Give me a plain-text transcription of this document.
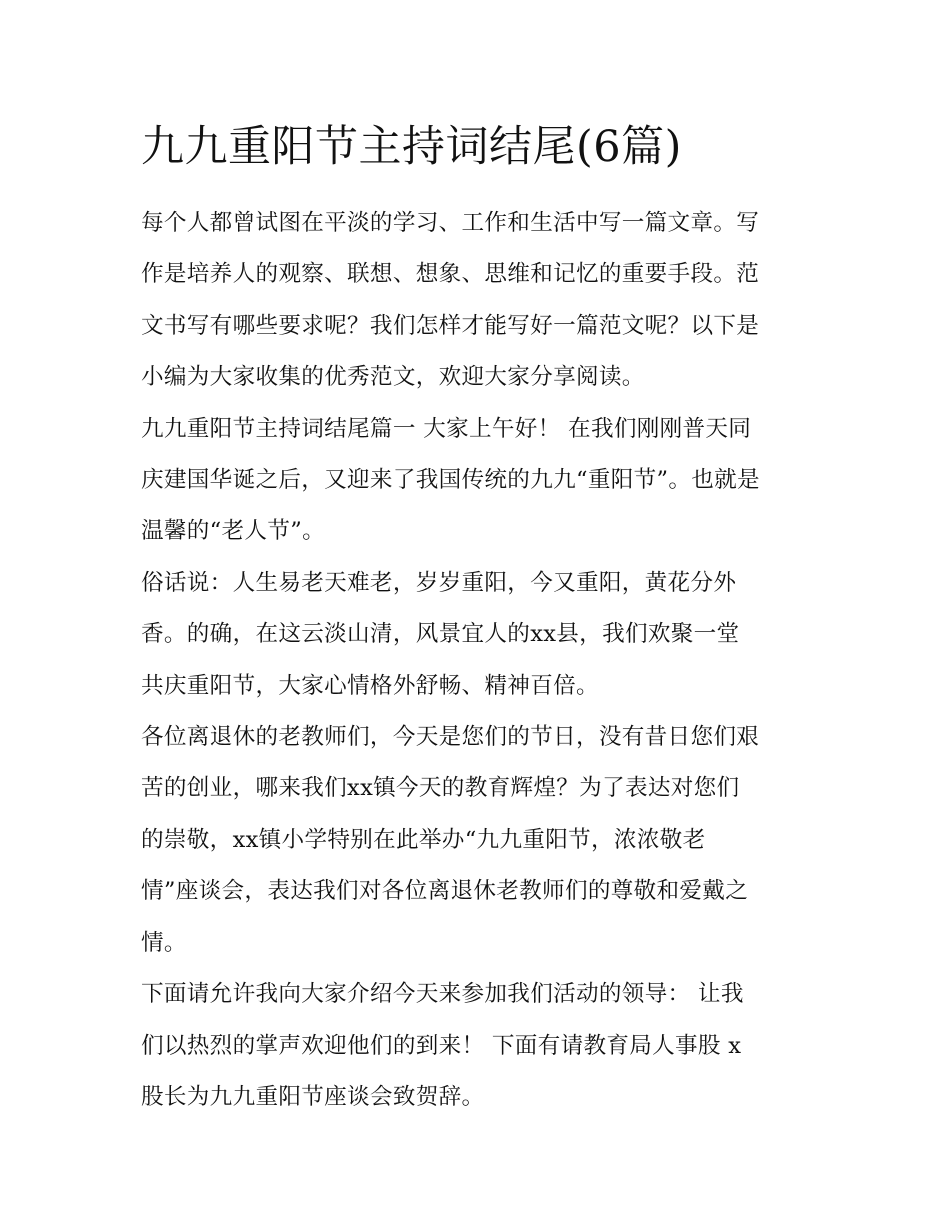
九九重阳节主持词结尾(6篇)

每个人都曾试图在平淡的学习、工作和生活中写一篇文章。写
作是培养人的观察、联想、想象、思维和记忆的重要手段。范
文书写有哪些要求呢？我们怎样才能写好一篇范文呢？以下是
小编为大家收集的优秀范文，欢迎大家分享阅读。

九九重阳节主持词结尾篇一 大家上午好！ 在我们刚刚普天同
庆建国华诞之后，又迎来了我国传统的九九“重阳节”。也就是
温馨的“老人节”。

俗话说：人生易老天难老，岁岁重阳，今又重阳，黄花分外
香。的确，在这云淡山清，风景宜人的xx县，我们欢聚一堂
共庆重阳节，大家心情格外舒畅、精神百倍。

各位离退休的老教师们，今天是您们的节日，没有昔日您们艰
苦的创业，哪来我们xx镇今天的教育辉煌？为了表达对您们
的崇敬，xx镇小学特别在此举办“九九重阳节，浓浓敬老
情”座谈会，表达我们对各位离退休老教师们的尊敬和爱戴之
情。

下面请允许我向大家介绍今天来参加我们活动的领导： 让我
们以热烈的掌声欢迎他们的到来！ 下面有请教育局人事股 x
股长为九九重阳节座谈会致贺辞。
